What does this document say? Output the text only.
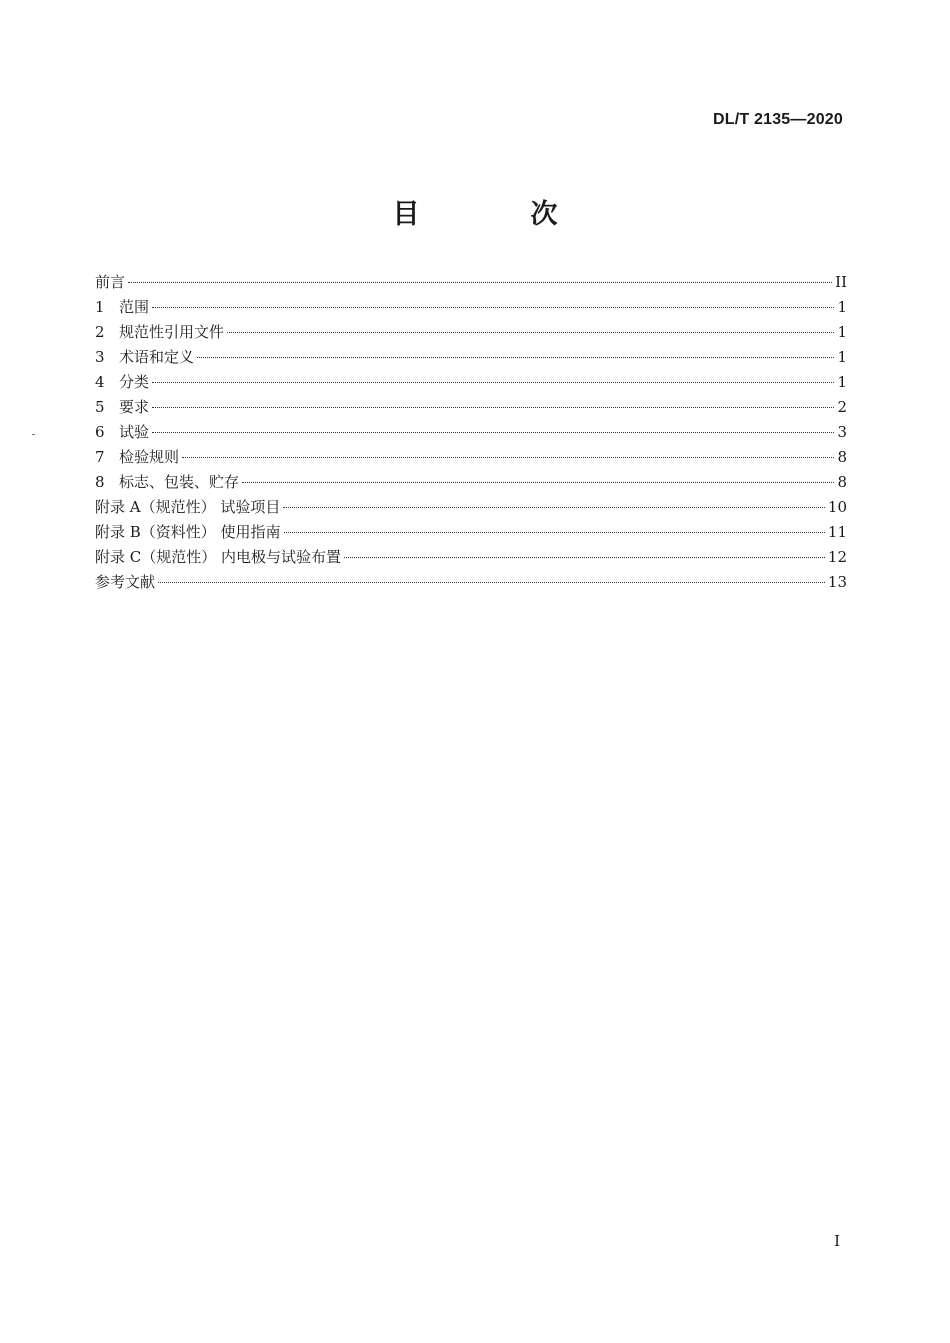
DL/T 2135—2020
目　次
前言	II
1 范围	1
2 规范性引用文件	1
3 术语和定义	1
4 分类	1
5 要求	2
6 试验	3
7 检验规则	8
8 标志、包装、贮存	8
附录 A（规范性） 试验项目	10
附录 B（资料性） 使用指南	11
附录 C（规范性） 内电极与试验布置	12
参考文献	13
I
